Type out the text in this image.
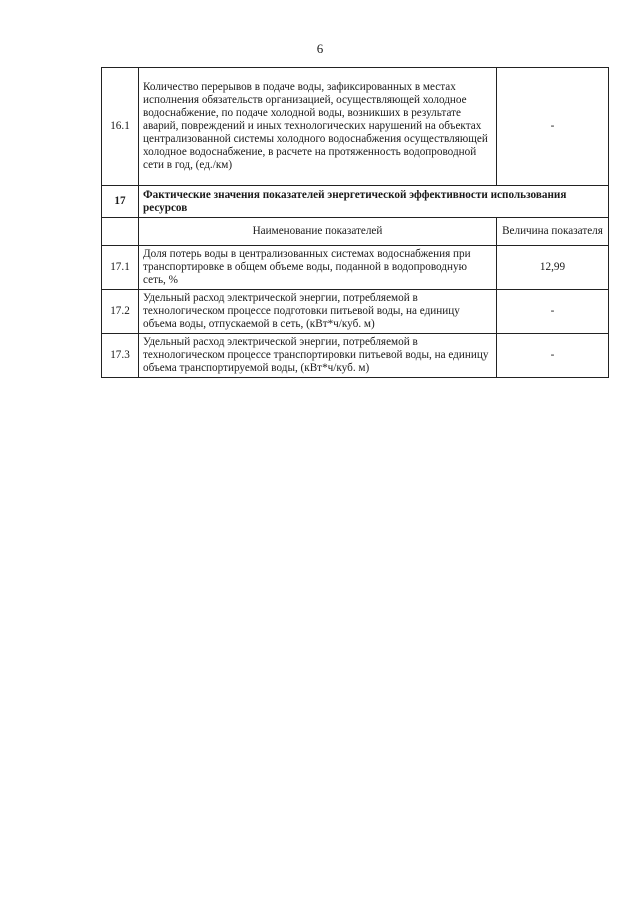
6
16.1	Количество перерывов в подаче воды, зафиксированных в местах исполнения обязательств организацией, осуществляющей холодное водоснабжение, по подаче холодной воды, возникших в результате аварий, повреждений и иных технологических нарушений на объектах централизованной системы холодного водоснабжения осуществляющей холодное водоснабжение, в расчете на протяженность водопроводной сети в год, (ед./км)	-
17	Фактические значения показателей энергетической эффективности использования ресурсов	
	Наименование показателей	Величина показателя
17.1	Доля потерь воды в централизованных системах водоснабжения при транспортировке в общем объеме воды, поданной в водопроводную сеть, %	12,99
17.2	Удельный расход электрической энергии, потребляемой в технологическом процессе подготовки питьевой воды, на единицу объема воды, отпускаемой в сеть, (кВт*ч/куб. м)	-
17.3	Удельный расход электрической энергии, потребляемой в технологическом процессе транспортировки питьевой воды, на единицу объема транспортируемой воды, (кВт*ч/куб. м)	-
